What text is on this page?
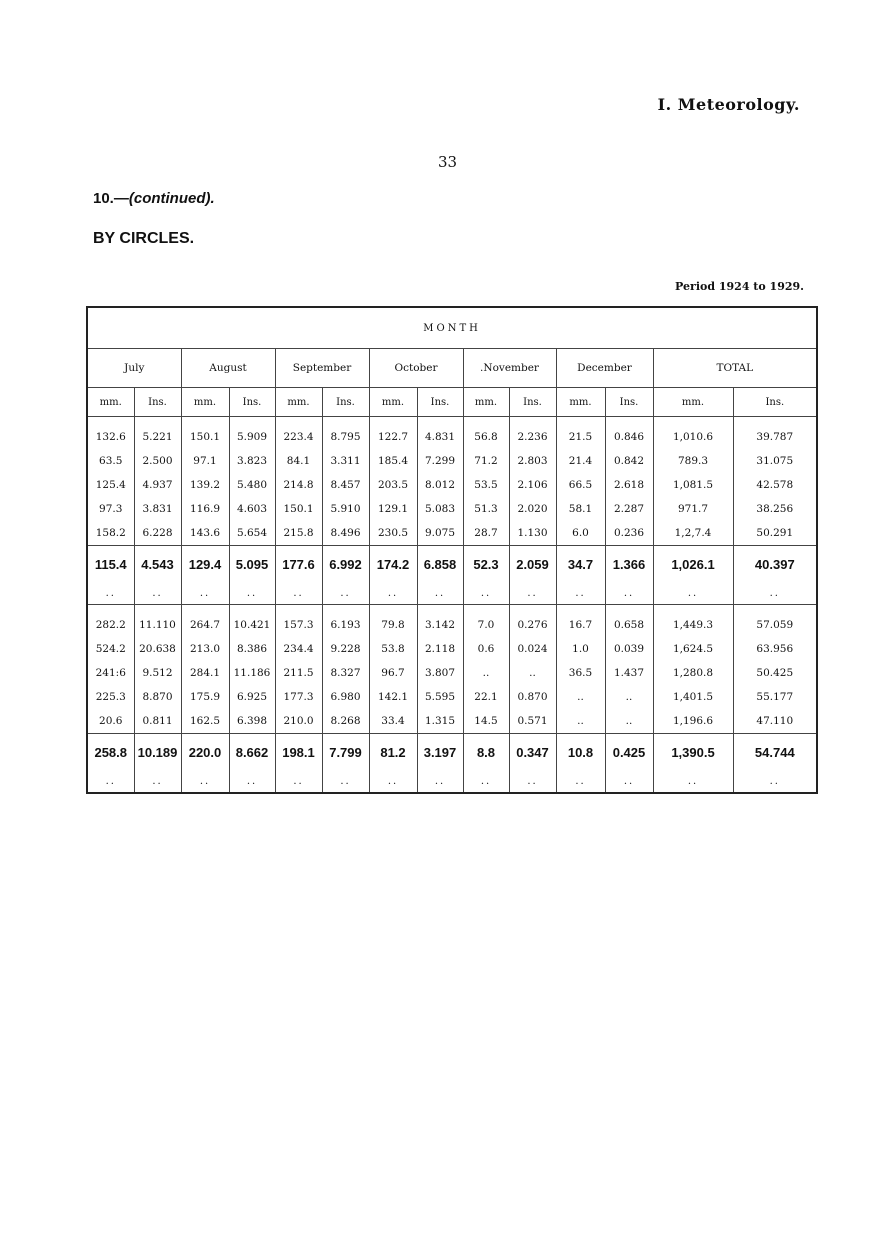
I. Meteorology.
33
10.—(continued).
BY CIRCLES.
Period 1924 to 1929.
MONTH													
July		August		September		October		.November		December		TOTAL	
mm.	Ins.	mm.	Ins.	mm.	Ins.	mm.	Ins.	mm.	Ins.	mm.	Ins.	mm.	Ins.
132.6	5.221	150.1	5.909	223.4	8.795	122.7	4.831	56.8	2.236	21.5	0.846	1,010.6	39.787
63.5	2.500	97.1	3.823	84.1	3.311	185.4	7.299	71.2	2.803	21.4	0.842	789.3	31.075
125.4	4.937	139.2	5.480	214.8	8.457	203.5	8.012	53.5	2.106	66.5	2.618	1,081.5	42.578
97.3	3.831	116.9	4.603	150.1	5.910	129.1	5.083	51.3	2.020	58.1	2.287	971.7	38.256
158.2	6.228	143.6	5.654	215.8	8.496	230.5	9.075	28.7	1.130	6.0	0.236	1,2,7.4	50.291
115.4	4.543	129.4	5.095	177.6	6.992	174.2	6.858	52.3	2.059	34.7	1.366	1,026.1	40.397
..	..	..	..	..	..	..	..	..	..	..	..	..	..
282.2	11.110	264.7	10.421	157.3	6.193	79.8	3.142	7.0	0.276	16.7	0.658	1,449.3	57.059
524.2	20.638	213.0	8.386	234.4	9.228	53.8	2.118	0.6	0.024	1.0	0.039	1,624.5	63.956
241:6	9.512	284.1	11.186	211.5	8.327	96.7	3.807	..	..	36.5	1.437	1,280.8	50.425
225.3	8.870	175.9	6.925	177.3	6.980	142.1	5.595	22.1	0.870	..	..	1,401.5	55.177
20.6	0.811	162.5	6.398	210.0	8.268	33.4	1.315	14.5	0.571	..	..	1,196.6	47.110
258.8	10.189	220.0	8.662	198.1	7.799	81.2	3.197	8.8	0.347	10.8	0.425	1,390.5	54.744
..	..	..	..	..	..	..	..	..	..	..	..	..	..
